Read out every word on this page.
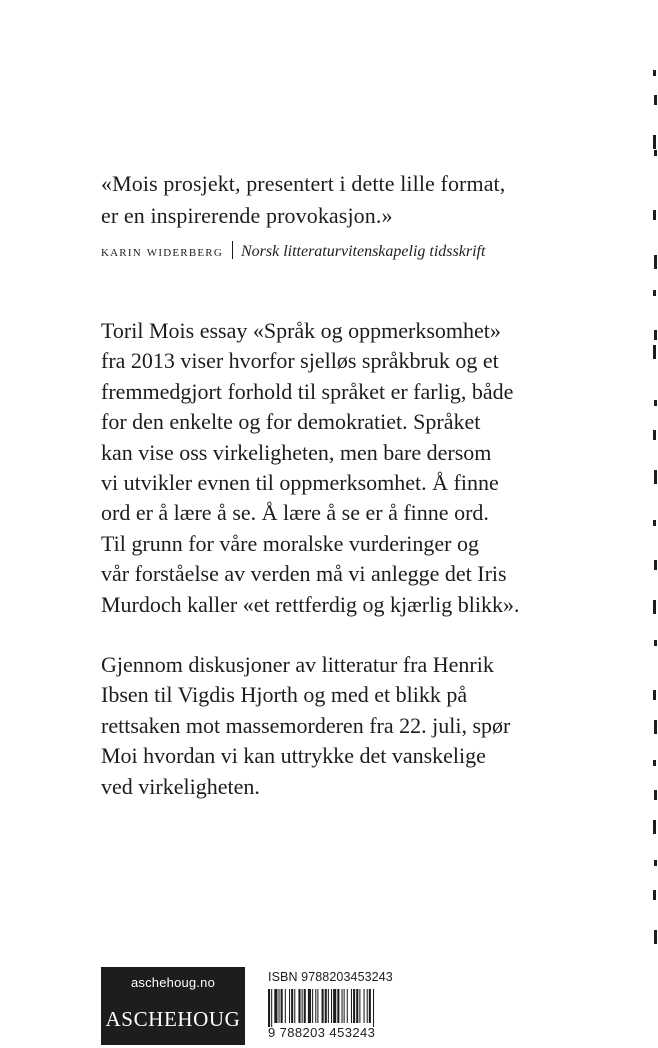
«Mois prosjekt, presentert i dette lille format,
er en inspirerende provokasjon.»

karin widerberg Norsk litteraturvitenskapelig tidsskrift

Toril Mois essay «Språk og oppmerksomhet»
fra 2013 viser hvorfor sjelløs språkbruk og et
fremmedgjort forhold til språket er farlig, både
for den enkelte og for demokratiet. Språket
kan vise oss virkeligheten, men bare dersom
vi utvikler evnen til oppmerksomhet. Å finne
ord er å lære å se. Å lære å se er å finne ord.
Til grunn for våre moralske vurderinger og
vår forståelse av verden må vi anlegge det Iris
Murdoch kaller «et rettferdig og kjærlig blikk».

Gjennom diskusjoner av litteratur fra Henrik
Ibsen til Vigdis Hjorth og med et blikk på
rettsaken mot massemorderen fra 22. juli, spør
Moi hvordan vi kan uttrykke det vanskelige
ved virkeligheten.

aschehoug.no
ASCHEHOUG
ISBN 9788203453243
9 788203 453243
